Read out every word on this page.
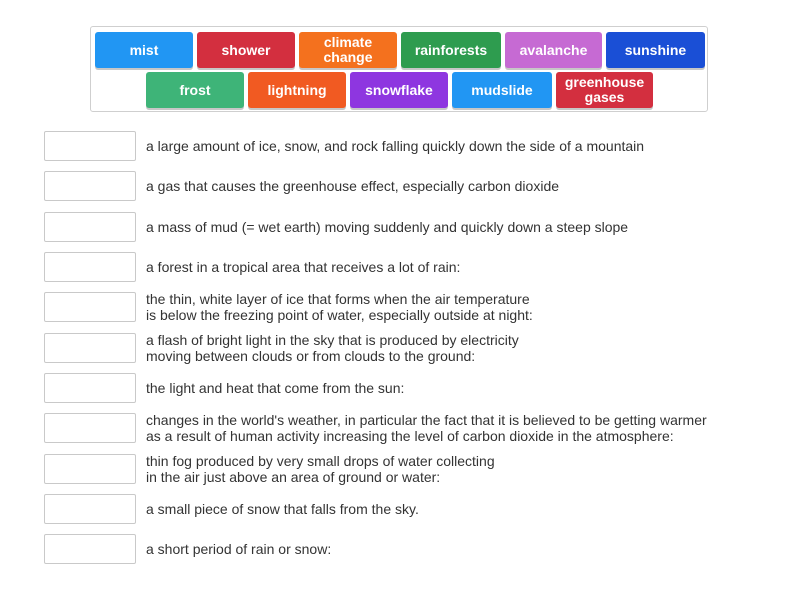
mist	shower	climate
change	rainforests avalanche	sunshine
frost	lightning	snowflake	mudslide greenhouse
gases
a large amount of ice, snow, and rock falling quickly down the side of a mountain
a gas that causes the greenhouse effect, especially carbon dioxide
a mass of mud (= wet earth) moving suddenly and quickly down a steep slope
a forest in a tropical area that receives a lot of rain:
the thin, white layer of ice that forms when the air temperature
is below the freezing point of water, especially outside at night:
a flash of bright light in the sky that is produced by electricity
moving between clouds or from clouds to the ground:
the light and heat that come from the sun:
changes in the world's weather, in particular the fact that it is believed to be getting warmer
as a result of human activity increasing the level of carbon dioxide in the atmosphere:
thin fog produced by very small drops of water collecting
in the air just above an area of ground or water:
a small piece of snow that falls from the sky.
a short period of rain or snow:
